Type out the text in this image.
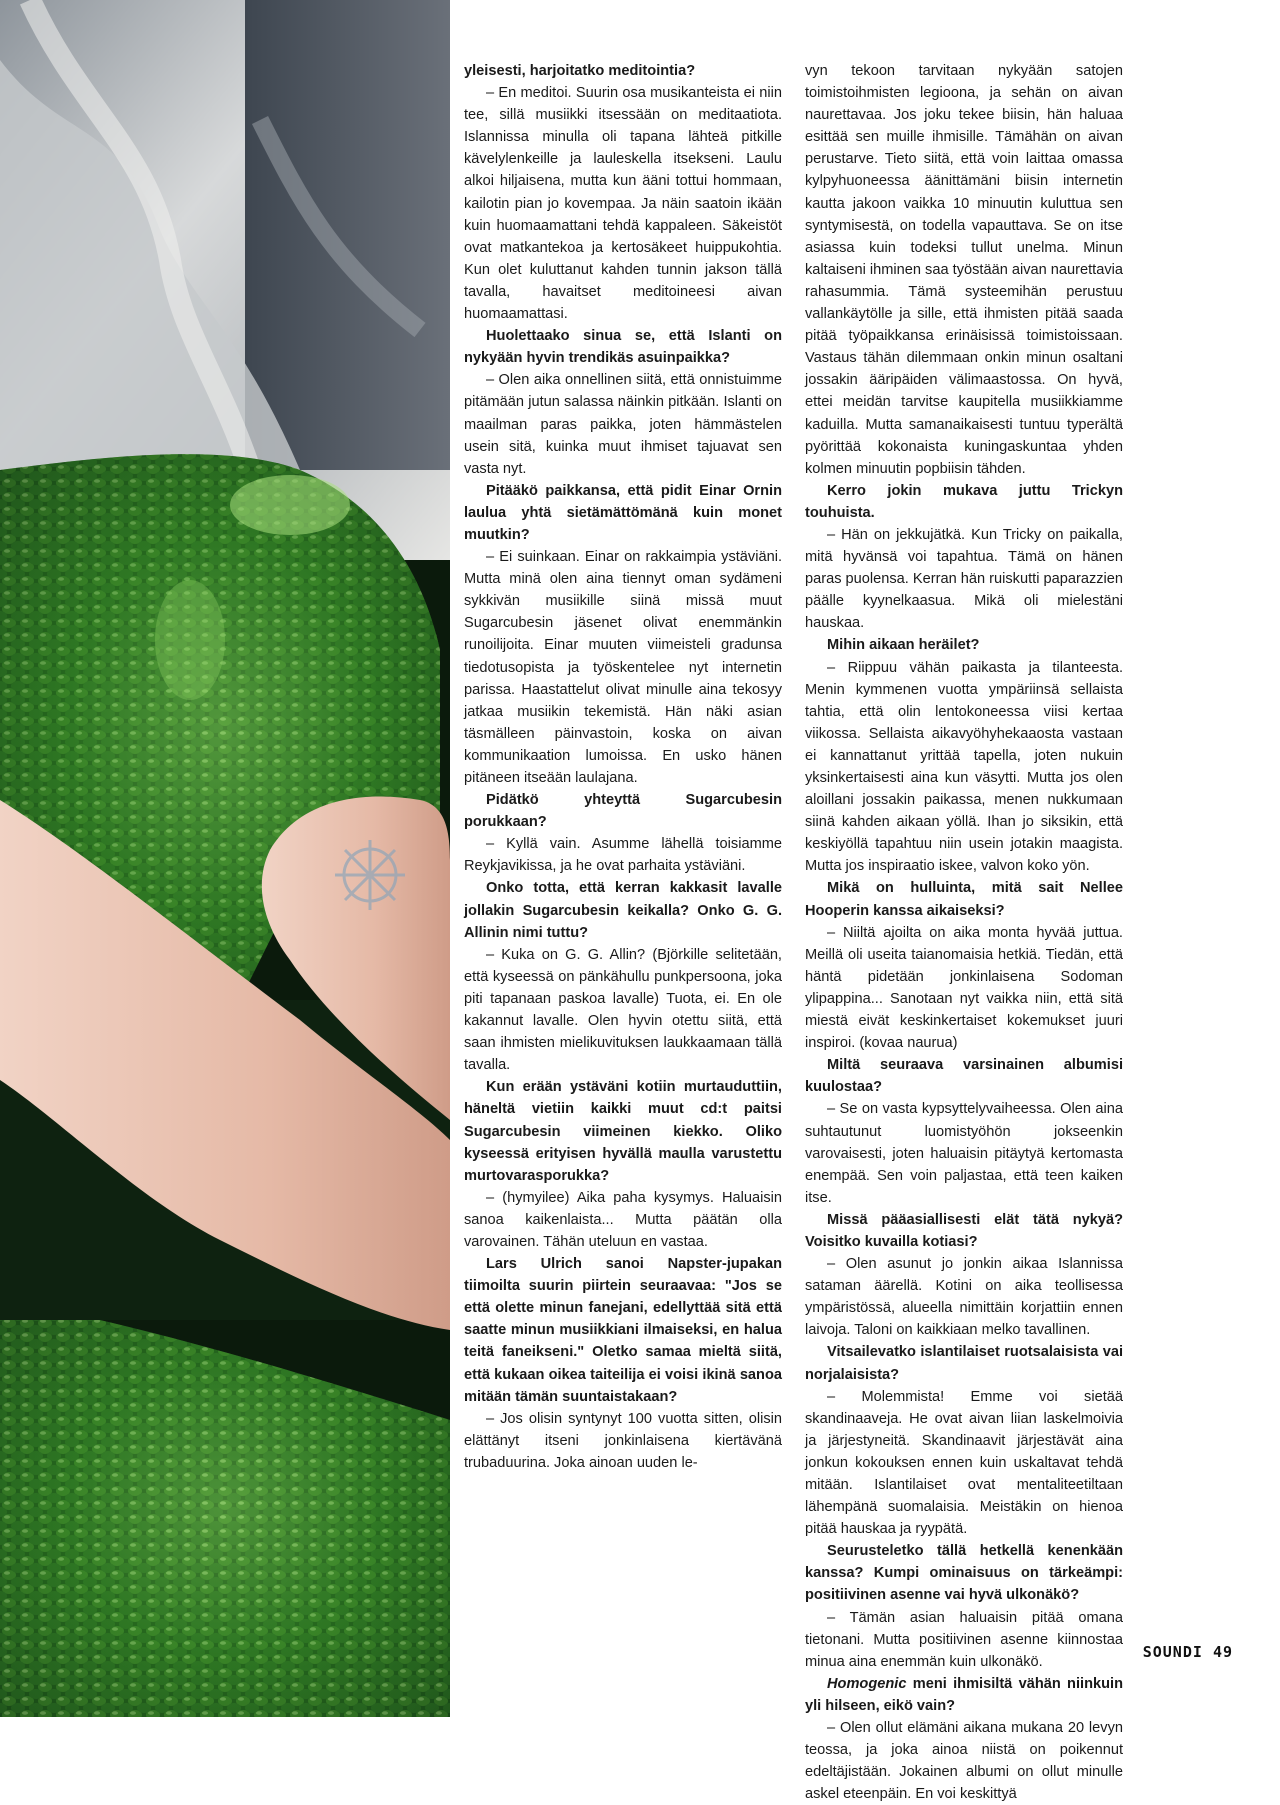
yleisesti, harjoitatko meditointia?

– En meditoi. Suurin osa musikanteista ei niin tee, sillä musiikki itsessään on meditaatiota. Islannissa minulla oli tapana lähteä pitkille kävelylenkeille ja lauleskella itsekseni. Laulu alkoi hiljaisena, mutta kun ääni tottui hommaan, kailotin pian jo kovempaa. Ja näin saatoin ikään kuin huomaamattani tehdä kappaleen. Säkeistöt ovat matkantekoa ja kertosäkeet huippukohtia. Kun olet kuluttanut kahden tunnin jakson tällä tavalla, havaitset meditoineesi aivan huomaamattasi.

Huolettaako sinua se, että Islanti on nykyään hyvin trendikäs asuinpaikka?

– Olen aika onnellinen siitä, että onnistuimme pitämään jutun salassa näinkin pitkään. Islanti on maailman paras paikka, joten hämmästelen usein sitä, kuinka muut ihmiset tajuavat sen vasta nyt.

Pitääkö paikkansa, että pidit Einar Ornin laulua yhtä sietämättömänä kuin monet muutkin?

– Ei suinkaan. Einar on rakkaimpia ystäviäni. Mutta minä olen aina tiennyt oman sydämeni sykkivän musiikille siinä missä muut Sugarcubesin jäsenet olivat enemmänkin runoilijoita. Einar muuten viimeisteli gradunsa tiedotusopista ja työskentelee nyt internetin parissa. Haastattelut olivat minulle aina tekosyy jatkaa musiikin tekemistä. Hän näki asian täsmälleen päinvastoin, koska on aivan kommunikaation lumoissa. En usko hänen pitäneen itseään laulajana.

Pidätkö yhteyttä Sugarcubesin porukkaan?

– Kyllä vain. Asumme lähellä toisiamme Reykjavikissa, ja he ovat parhaita ystäviäni.

Onko totta, että kerran kakkasit lavalle jollakin Sugarcubesin keikalla? Onko G. G. Allinin nimi tuttu?

– Kuka on G. G. Allin? (Björkille selitetään, että kyseessä on pänkähullu punkpersoona, joka piti tapanaan paskoa lavalle) Tuota, ei. En ole kakannut lavalle. Olen hyvin otettu siitä, että saan ihmisten mielikuvituksen laukkaamaan tällä tavalla.

Kun erään ystäväni kotiin murtauduttiin, häneltä vietiin kaikki muut cd:t paitsi Sugarcubesin viimeinen kiekko. Oliko kyseessä erityisen hyvällä maulla varustettu murtovarasporukka?

– (hymyilee) Aika paha kysymys. Haluaisin sanoa kaikenlaista... Mutta päätän olla varovainen. Tähän uteluun en vastaa.

Lars Ulrich sanoi Napster-jupakan tiimoilta suurin piirtein seuraavaa: "Jos se että olette minun fanejani, edellyttää sitä että saatte minun musiikkiani ilmaiseksi, en halua teitä faneikseni." Oletko samaa mieltä siitä, että kukaan oikea taiteilija ei voisi ikinä sanoa mitään tämän suuntaistakaan?

– Jos olisin syntynyt 100 vuotta sitten, olisin elättänyt itseni jonkinlaisena kiertävänä trubaduurina. Joka ainoan uuden le-

vyn tekoon tarvitaan nykyään satojen toimistoihmisten legioona, ja sehän on aivan naurettavaa. Jos joku tekee biisin, hän haluaa esittää sen muille ihmisille. Tämähän on aivan perustarve. Tieto siitä, että voin laittaa omassa kylpyhuoneessa äänittämäni biisin internetin kautta jakoon vaikka 10 minuutin kuluttua sen syntymisestä, on todella vapauttava. Se on itse asiassa kuin todeksi tullut unelma. Minun kaltaiseni ihminen saa työstään aivan naurettavia rahasummia. Tämä systeemihän perustuu vallankäytölle ja sille, että ihmisten pitää saada pitää työpaikkansa erinäisissä toimistoissaan. Vastaus tähän dilemmaan onkin minun osaltani jossakin ääripäiden välimaastossa. On hyvä, ettei meidän tarvitse kaupitella musiikkiamme kaduilla. Mutta samanaikaisesti tuntuu typerältä pyörittää kokonaista kuningaskuntaa yhden kolmen minuutin popbiisin tähden.

Kerro jokin mukava juttu Trickyn touhuista.

– Hän on jekkujätkä. Kun Tricky on paikalla, mitä hyvänsä voi tapahtua. Tämä on hänen paras puolensa. Kerran hän ruiskutti paparazzien päälle kyynelkaasua. Mikä oli mielestäni hauskaa.

Mihin aikaan heräilet?

– Riippuu vähän paikasta ja tilanteesta. Menin kymmenen vuotta ympäriinsä sellaista tahtia, että olin lentokoneessa viisi kertaa viikossa. Sellaista aikavyöhyhekaaosta vastaan ei kannattanut yrittää tapella, joten nukuin yksinkertaisesti aina kun väsytti. Mutta jos olen aloillani jossakin paikassa, menen nukkumaan siinä kahden aikaan yöllä. Ihan jo siksikin, että keskiyöllä tapahtuu niin usein jotakin maagista. Mutta jos inspiraatio iskee, valvon koko yön.

Mikä on hulluinta, mitä sait Nellee Hooperin kanssa aikaiseksi?

– Niiltä ajoilta on aika monta hyvää juttua. Meillä oli useita taianomaisia hetkiä. Tiedän, että häntä pidetään jonkinlaisena Sodoman ylipappina... Sanotaan nyt vaikka niin, että sitä miestä eivät keskinkertaiset kokemukset juuri inspiroi. (kovaa naurua)

Miltä seuraava varsinainen albumisi kuulostaa?

– Se on vasta kypsyttelyvaiheessa. Olen aina suhtautunut luomistyöhön jokseenkin varovaisesti, joten haluaisin pitäytyä kertomasta enempää. Sen voin paljastaa, että teen kaiken itse.

Missä pääasiallisesti elät tätä nykyä? Voisitko kuvailla kotiasi?

– Olen asunut jo jonkin aikaa Islannissa sataman äärellä. Kotini on aika teollisessa ympäristössä, alueella nimittäin korjattiin ennen laivoja. Taloni on kaikkiaan melko tavallinen.

Vitsailevatko islantilaiset ruotsalaisista vai norjalaisista?

– Molemmista! Emme voi sietää skandinaaveja. He ovat aivan liian laskelmoivia ja järjestyneitä. Skandinaavit järjestävät aina jonkun kokouksen ennen kuin uskaltavat tehdä mitään. Islantilaiset ovat mentaliteetiltaan lähempänä suomalaisia. Meistäkin on hienoa pitää hauskaa ja ryypätä.

Seurusteletko tällä hetkellä kenenkään kanssa? Kumpi ominaisuus on tärkeämpi: positiivinen asenne vai hyvä ulkonäkö?

– Tämän asian haluaisin pitää omana tietonani. Mutta positiivinen asenne kiinnostaa minua aina enemmän kuin ulkonäkö.

Homogenic meni ihmisiltä vähän niinkuin yli hilseen, eikö vain?

– Olen ollut elämäni aikana mukana 20 levyn teossa, ja joka ainoa niistä on poikennut edeltäjistään. Jokainen albumi on ollut minulle askel eteenpäin. En voi keskittyä

SOUNDI 49
